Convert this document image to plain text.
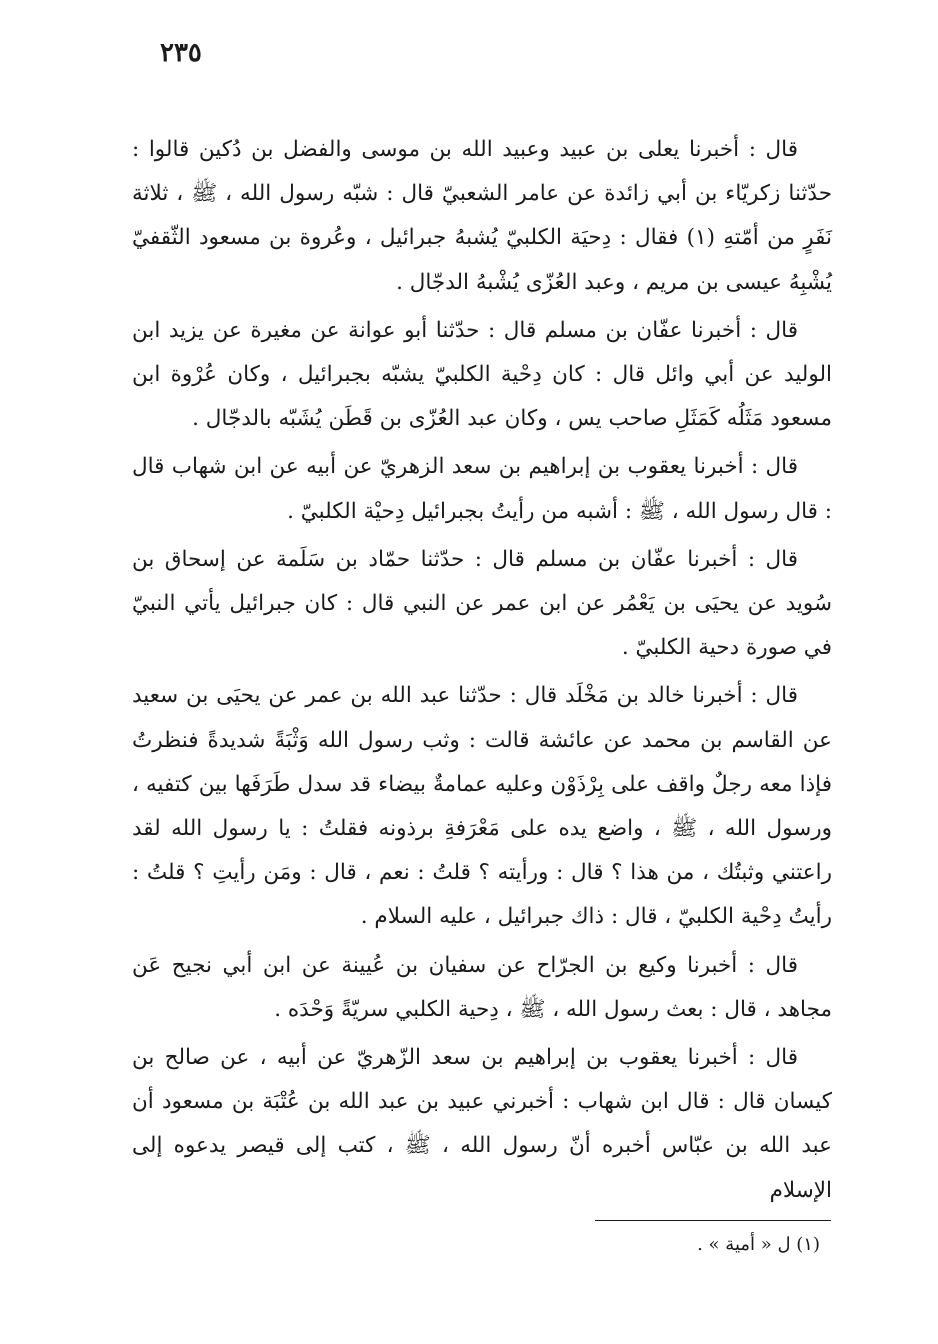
٢٣٥

قال : أخبرنا يعلى بن عبيد وعبيد الله بن موسى والفضل بن دُكين قالوا : حدّثنا زكريّاء بن أبي زائدة عن عامر الشعبيّ قال : شبّه رسول الله ، ﷺ ، ثلاثة نَفَرٍ من أمّتهِ (١) فقال : دِحيَة الكلبيّ يُشبهُ جبرائيل ، وعُروة بن مسعود الثّقفيّ يُشْبِهُ عيسى بن مريم ، وعبد العُزّى يُشْبهُ الدجّال .

قال : أخبرنا عفّان بن مسلم قال : حدّثنا أبو عوانة عن مغيرة عن يزيد ابن الوليد عن أبي وائل قال : كان دِحْية الكلبيّ يشبّه بجبرائيل ، وكان عُرْوة ابن مسعود مَثَلُه كَمَثَلِ صاحب يس ، وكان عبد العُزّى بن قَطَن يُشَبّه بالدجّال .

قال : أخبرنا يعقوب بن إبراهيم بن سعد الزهريّ عن أبيه عن ابن شهاب قال : قال رسول الله ، ﷺ : أشبه من رأيتُ بجبرائيل دِحيْة الكلبيّ .

قال : أخبرنا عفّان بن مسلم قال : حدّثنا حمّاد بن سَلَمة عن إسحاق بن سُويد عن يحيَى بن يَعْمُر عن ابن عمر عن النبي قال : كان جبرائيل يأتي النبيّ في صورة دحية الكلبيّ .

قال : أخبرنا خالد بن مَخْلَد قال : حدّثنا عبد الله بن عمر عن يحيَى بن سعيد عن القاسم بن محمد عن عائشة قالت : وثب رسول الله وَثْبَةً شديدةً فنظرتُ فإذا معه رجلٌ واقف على بِرْذَوْن وعليه عمامةٌ بيضاء قد سدل طَرَفَها بين كتفيه ، ورسول الله ، ﷺ ، واضع يده على مَعْرَفةِ برذونه فقلتُ : يا رسول الله لقد راعتني وثبتُك ، من هذا ؟ قال : ورأيته ؟ قلتُ : نعم ، قال : ومَن رأيتِ ؟ قلتُ : رأيتُ دِحْية الكلبيّ ، قال : ذاك جبرائيل ، عليه السلام .

قال : أخبرنا وكيع بن الجرّاح عن سفيان بن عُيينة عن ابن أبي نجيح عَن مجاهد ، قال : بعث رسول الله ، ﷺ ، دِحية الكلبي سريّةً وَحْدَه .

قال : أخبرنا يعقوب بن إبراهيم بن سعد الزّهريّ عن أبيه ، عن صالح بن كيسان قال : قال ابن شهاب : أخبرني عبيد بن عبد الله بن عُتْبَة بن مسعود أن عبد الله بن عبّاس أخبره أنّ رسول الله ، ﷺ ، كتب إلى قيصر يدعوه إلى الإسلام

(١) ل « أمية » .
